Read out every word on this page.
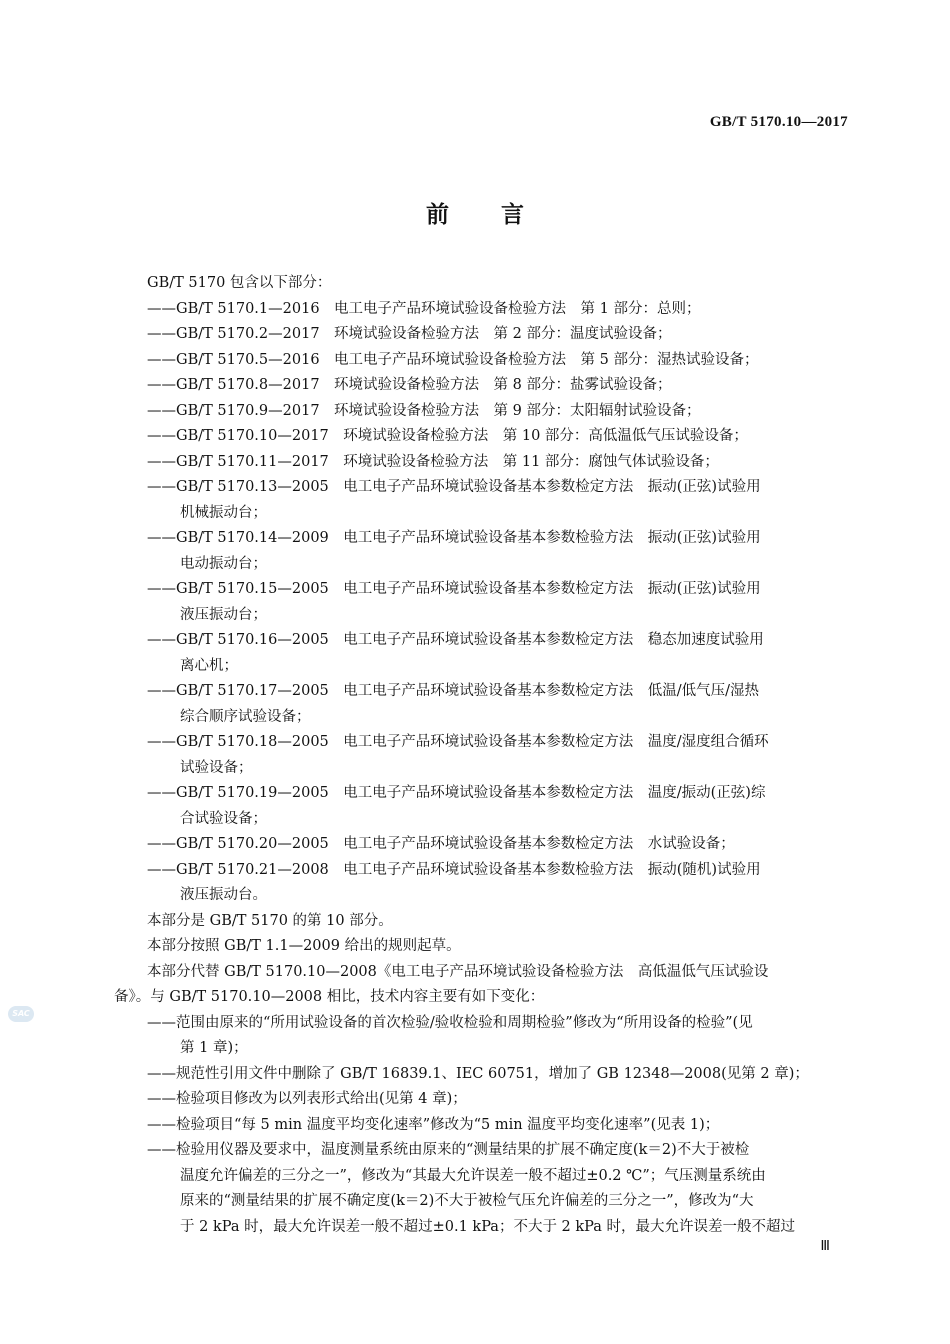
GB/T 5170.10—2017
前言
GB/T 5170 包含以下部分：
——GB/T 5170.1—2016　电工电子产品环境试验设备检验方法　第 1 部分：总则；
——GB/T 5170.2—2017　环境试验设备检验方法　第 2 部分：温度试验设备；
——GB/T 5170.5—2016　电工电子产品环境试验设备检验方法　第 5 部分：湿热试验设备；
——GB/T 5170.8—2017　环境试验设备检验方法　第 8 部分：盐雾试验设备；
——GB/T 5170.9—2017　环境试验设备检验方法　第 9 部分：太阳辐射试验设备；
——GB/T 5170.10—2017　环境试验设备检验方法　第 10 部分：高低温低气压试验设备；
——GB/T 5170.11—2017　环境试验设备检验方法　第 11 部分：腐蚀气体试验设备；
——GB/T 5170.13—2005　电工电子产品环境试验设备基本参数检定方法　振动(正弦)试验用
机械振动台；
——GB/T 5170.14—2009　电工电子产品环境试验设备基本参数检验方法　振动(正弦)试验用
电动振动台；
——GB/T 5170.15—2005　电工电子产品环境试验设备基本参数检定方法　振动(正弦)试验用
液压振动台；
——GB/T 5170.16—2005　电工电子产品环境试验设备基本参数检定方法　稳态加速度试验用
离心机；
——GB/T 5170.17—2005　电工电子产品环境试验设备基本参数检定方法　低温/低气压/湿热
综合顺序试验设备；
——GB/T 5170.18—2005　电工电子产品环境试验设备基本参数检定方法　温度/湿度组合循环
试验设备；
——GB/T 5170.19—2005　电工电子产品环境试验设备基本参数检定方法　温度/振动(正弦)综
合试验设备；
——GB/T 5170.20—2005　电工电子产品环境试验设备基本参数检定方法　水试验设备；
——GB/T 5170.21—2008　电工电子产品环境试验设备基本参数检验方法　振动(随机)试验用
液压振动台。
本部分是 GB/T 5170 的第 10 部分。
本部分按照 GB/T 1.1—2009 给出的规则起草。
本部分代替 GB/T 5170.10—2008《电工电子产品环境试验设备检验方法　高低温低气压试验设
备》。与 GB/T 5170.10—2008 相比，技术内容主要有如下变化：
——范围由原来的“所用试验设备的首次检验/验收检验和周期检验”修改为“所用设备的检验”(见
第 1 章)；
——规范性引用文件中删除了 GB/T 16839.1、IEC 60751，增加了 GB 12348—2008(见第 2 章)；
——检验项目修改为以列表形式给出(见第 4 章)；
——检验项目“每 5 min 温度平均变化速率”修改为“5 min 温度平均变化速率”(见表 1)；
——检验用仪器及要求中，温度测量系统由原来的“测量结果的扩展不确定度(k＝2)不大于被检
温度允许偏差的三分之一”，修改为“其最大允许误差一般不超过±0.2 ℃”；气压测量系统由
原来的“测量结果的扩展不确定度(k＝2)不大于被检气压允许偏差的三分之一”，修改为“大
于 2 kPa 时，最大允许误差一般不超过±0.1 kPa；不大于 2 kPa 时，最大允许误差一般不超过
SAC
Ⅲ
